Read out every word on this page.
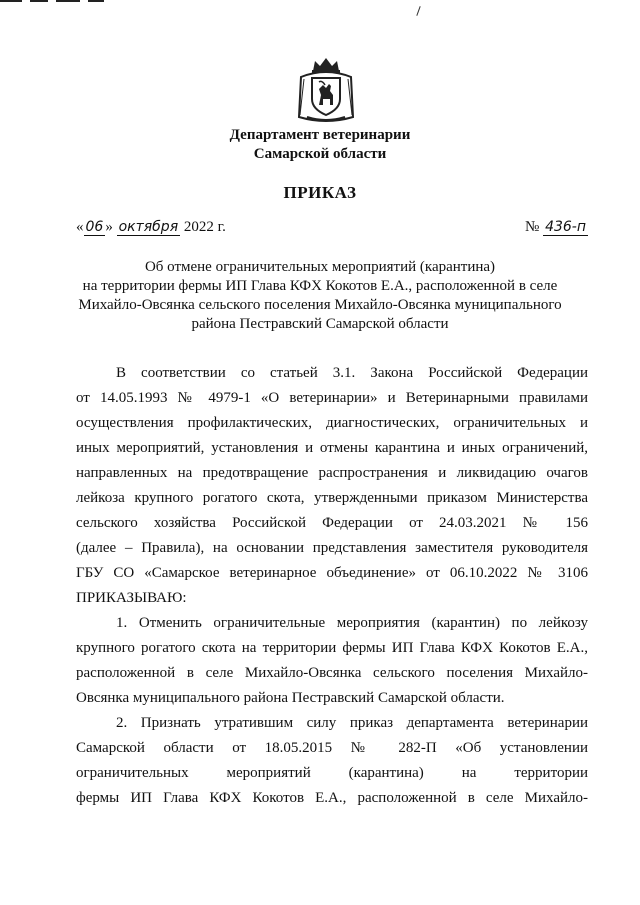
Департамент ветеринарии
Самарской области
ПРИКАЗ
« 06 » октября 2022 г.	№ 436-п
Об отмене ограничительных мероприятий (карантина)
на территории фермы ИП Глава КФХ Кокотов Е.А., расположенной в селе
Михайло-Овсянка сельского поселения Михайло-Овсянка муниципального
района Пестравский Самарской области
В соответствии со статьей 3.1. Закона Российской Федерации
от 14.05.1993 № 4979-1 «О ветеринарии» и Ветеринарными правилами
осуществления профилактических, диагностических, ограничительных и
иных мероприятий, установления и отмены карантина и иных ограничений,
направленных на предотвращение распространения и ликвидацию очагов
лейкоза крупного рогатого скота, утвержденными приказом Министерства
сельского хозяйства Российской Федерации от 24.03.2021 № 156
(далее – Правила), на основании представления заместителя руководителя
ГБУ СО «Самарское ветеринарное объединение» от 06.10.2022 № 3106
ПРИКАЗЫВАЮ:
1. Отменить ограничительные мероприятия (карантин) по лейкозу
крупного рогатого скота на территории фермы ИП Глава КФХ Кокотов Е.А.,
расположенной в селе Михайло-Овсянка сельского поселения Михайло-
Овсянка муниципального района Пестравский Самарской области.
2. Признать утратившим силу приказ департамента ветеринарии
Самарской области от 18.05.2015 № 282-П «Об установлении
ограничительных мероприятий (карантина) на территории
фермы ИП Глава КФХ Кокотов Е.А., расположенной в селе Михайло-
